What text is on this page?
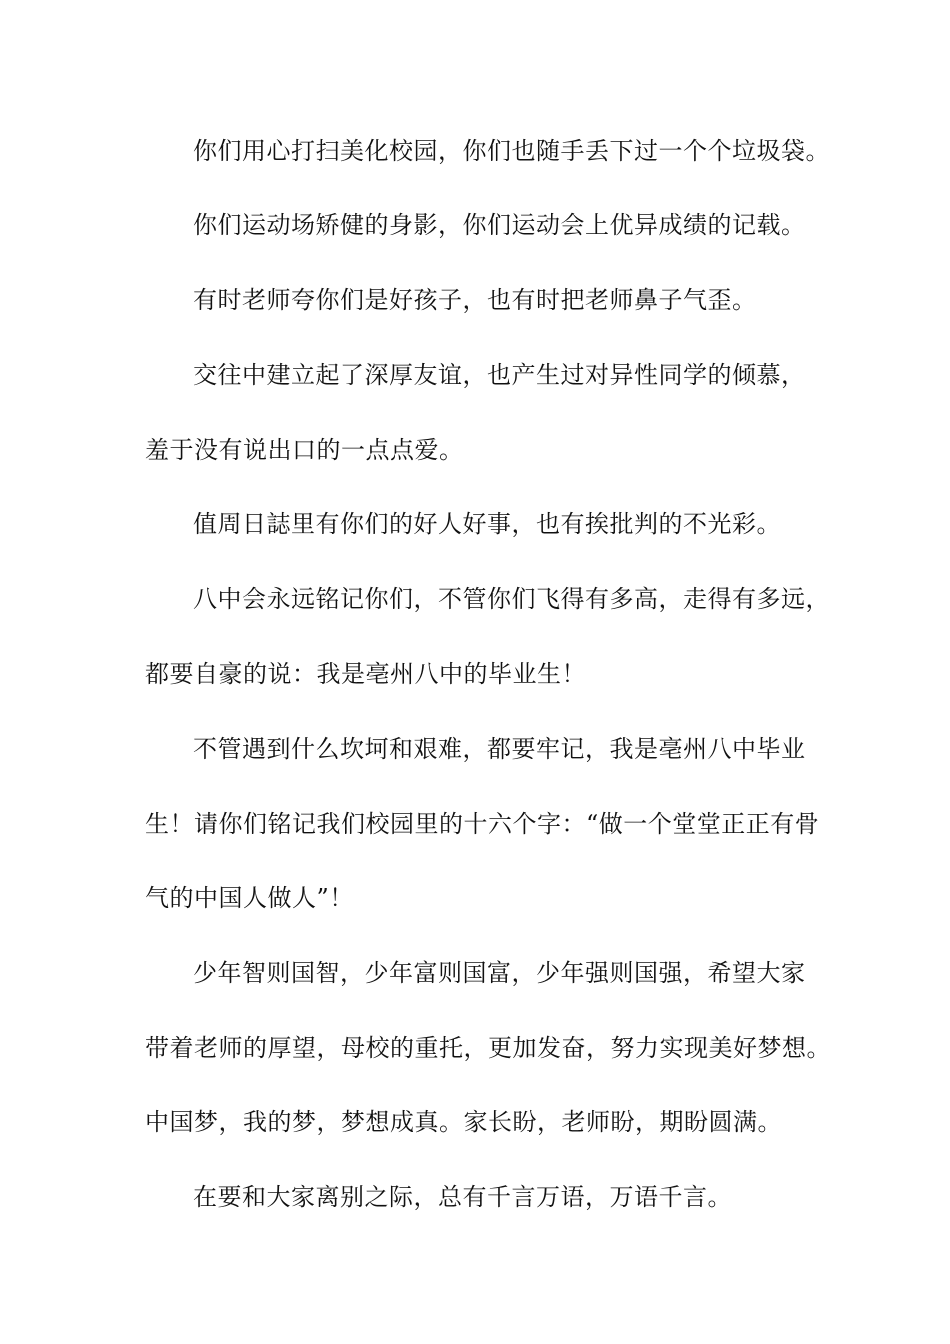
你们用心打扫美化校园，你们也随手丢下过一个个垃圾袋。
你们运动场矫健的身影，你们运动会上优异成绩的记载。
有时老师夸你们是好孩子，也有时把老师鼻子气歪。
交往中建立起了深厚友谊，也产生过对异性同学的倾慕，
羞于没有说出口的一点点爱。
值周日誌里有你们的好人好事，也有挨批判的不光彩。
八中会永远铭记你们，不管你们飞得有多高，走得有多远，
都要自豪的说：我是亳州八中的毕业生！
不管遇到什么坎坷和艰难，都要牢记，我是亳州八中毕业
生！请你们铭记我们校园里的十六个字：“做一个堂堂正正有骨
气的中国人做人”！
少年智则国智，少年富则国富，少年强则国强，希望大家
带着老师的厚望，母校的重托，更加发奋，努力实现美好梦想。
中国梦，我的梦，梦想成真。家长盼，老师盼，期盼圆满。
在要和大家离别之际，总有千言万语，万语千言。
